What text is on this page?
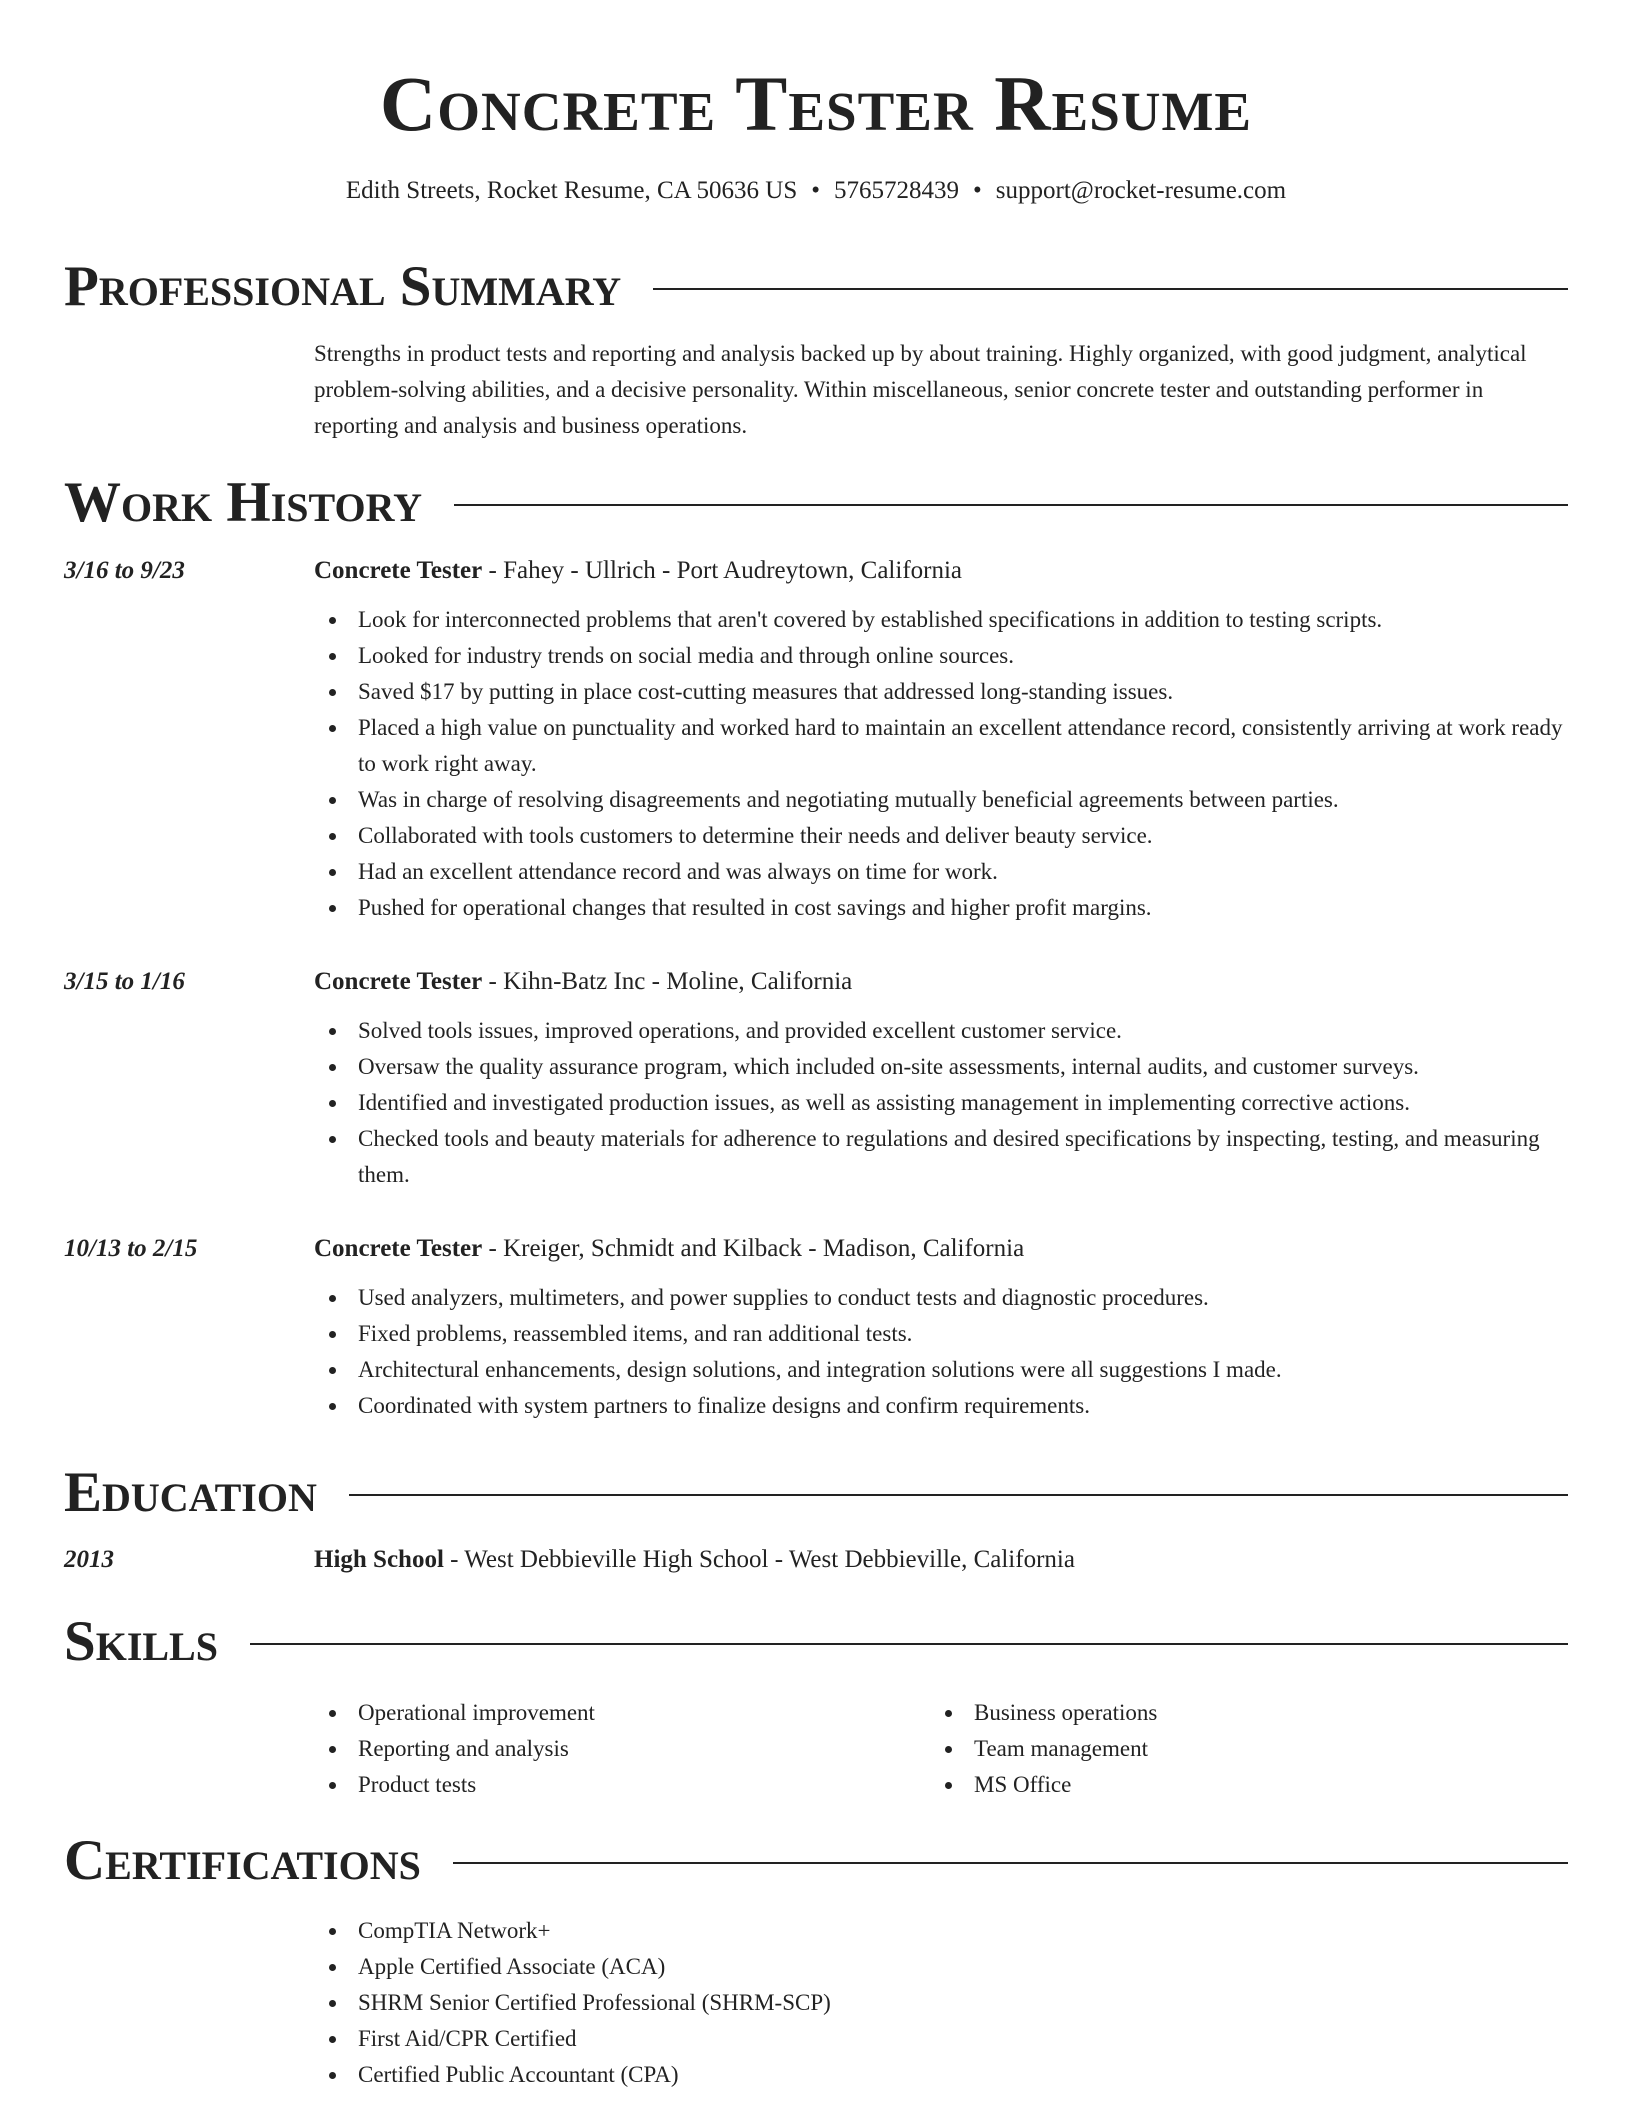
Concrete Tester Resume
Edith Streets, Rocket Resume, CA 50636 US • 5765728439 • support@rocket-resume.com
Professional Summary

Strengths in product tests and reporting and analysis backed up by about training. Highly organized, with good judgment, analytical problem-solving abilities, and a decisive personality. Within miscellaneous, senior concrete tester and outstanding performer in reporting and analysis and business operations.

Work History
3/16 to 9/23	Concrete Tester - Fahey - Ullrich - Port Audreytown, California
Look for interconnected problems that aren't covered by established specifications in addition to testing scripts.
Looked for industry trends on social media and through online sources.
Saved $17 by putting in place cost-cutting measures that addressed long-standing issues.
Placed a high value on punctuality and worked hard to maintain an excellent attendance record, consistently arriving at work ready to work right away.
Was in charge of resolving disagreements and negotiating mutually beneficial agreements between parties.
Collaborated with tools customers to determine their needs and deliver beauty service.
Had an excellent attendance record and was always on time for work.
Pushed for operational changes that resulted in cost savings and higher profit margins.
3/15 to 1/16	Concrete Tester - Kihn-Batz Inc - Moline, California
Solved tools issues, improved operations, and provided excellent customer service.
Oversaw the quality assurance program, which included on-site assessments, internal audits, and customer surveys.
Identified and investigated production issues, as well as assisting management in implementing corrective actions.
Checked tools and beauty materials for adherence to regulations and desired specifications by inspecting, testing, and measuring them.
10/13 to 2/15	Concrete Tester - Kreiger, Schmidt and Kilback - Madison, California
Used analyzers, multimeters, and power supplies to conduct tests and diagnostic procedures.
Fixed problems, reassembled items, and ran additional tests.
Architectural enhancements, design solutions, and integration solutions were all suggestions I made.
Coordinated with system partners to finalize designs and confirm requirements.
Education
2013	High School - West Debbieville High School - West Debbieville, California
Skills
Operational improvement
Reporting and analysis
Product tests
Business operations
Team management
MS Office
Certifications
CompTIA Network+
Apple Certified Associate (ACA)
SHRM Senior Certified Professional (SHRM-SCP)
First Aid/CPR Certified
Certified Public Accountant (CPA)
